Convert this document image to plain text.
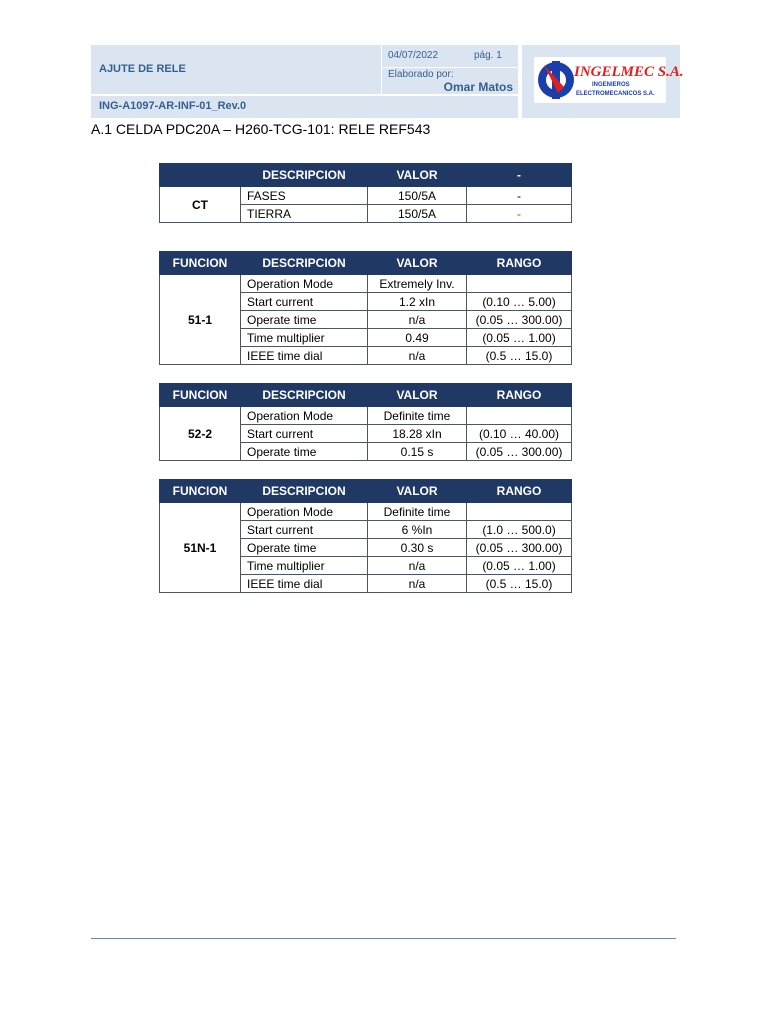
AJUTE DE RELE
04/07/2022	pág. 1
Elaborado por:
Omar Matos
ING-A1097-AR-INF-01_Rev.0
INGELMEC S.A.
INGENIEROS
ELECTROMECANICOS S.A.
A.1 CELDA PDC20A – H260-TCG-101: RELE REF543
	DESCRIPCION	VALOR	-
CT	FASES	150/5A	-
	TIERRA	150/5A	-
FUNCION	DESCRIPCION	VALOR	RANGO
51-1	Operation Mode	Extremely Inv.	
	Start current	1.2 xIn	(0.10 … 5.00)
	Operate time	n/a	(0.05 … 300.00)
	Time multiplier	0.49	(0.05 … 1.00)
	IEEE time dial	n/a	(0.5 … 15.0)
FUNCION	DESCRIPCION	VALOR	RANGO
52-2	Operation Mode	Definite time	
	Start current	18.28 xIn	(0.10 … 40.00)
	Operate time	0.15 s	(0.05 … 300.00)
FUNCION	DESCRIPCION	VALOR	RANGO
51N-1	Operation Mode	Definite time	
	Start current	6 %In	(1.0 … 500.0)
	Operate time	0.30 s	(0.05 … 300.00)
	Time multiplier	n/a	(0.05 … 1.00)
	IEEE time dial	n/a	(0.5 … 15.0)
